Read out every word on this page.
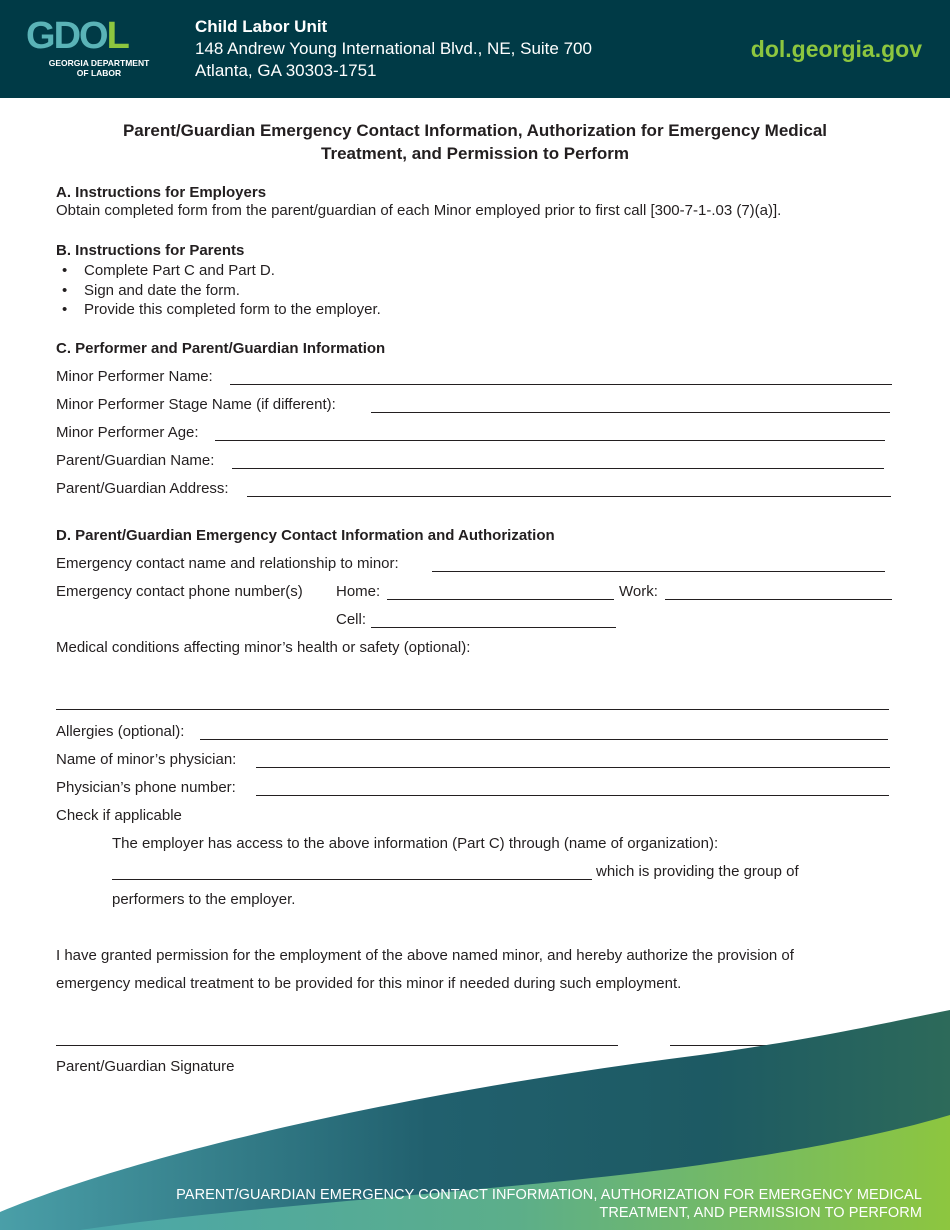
GDOL
GEORGIA DEPARTMENT
OF LABOR
Child Labor Unit
148 Andrew Young International Blvd., NE, Suite 700
Atlanta, GA 30303-1751
dol.georgia.gov
Parent/Guardian Emergency Contact Information, Authorization for Emergency Medical
Treatment, and Permission to Perform
A. Instructions for Employers
Obtain completed form from the parent/guardian of each Minor employed prior to first call [300-7-1-.03 (7)(a)].
B. Instructions for Parents
• Complete Part C and Part D.
• Sign and date the form.
• Provide this completed form to the employer.
C. Performer and Parent/Guardian Information
Minor Performer Name:
Minor Performer Stage Name (if different):
Minor Performer Age:
Parent/Guardian Name:
Parent/Guardian Address:
D. Parent/Guardian Emergency Contact Information and Authorization
Emergency contact name and relationship to minor:
Emergency contact phone number(s) Home:	Work:
Cell:
Medical conditions affecting minor’s health or safety (optional):
Allergies (optional):
Name of minor’s physician:
Physician’s phone number:
Check if applicable
The employer has access to the above information (Part C) through (name of organization):
which is providing the group of
performers to the employer.
I have granted permission for the employment of the above named minor, and hereby authorize the provision of
emergency medical treatment to be provided for this minor if needed during such employment.
Parent/Guardian Signature
PARENT/GUARDIAN EMERGENCY CONTACT INFORMATION, AUTHORIZATION FOR EMERGENCY MEDICAL
TREATMENT, AND PERMISSION TO PERFORM
